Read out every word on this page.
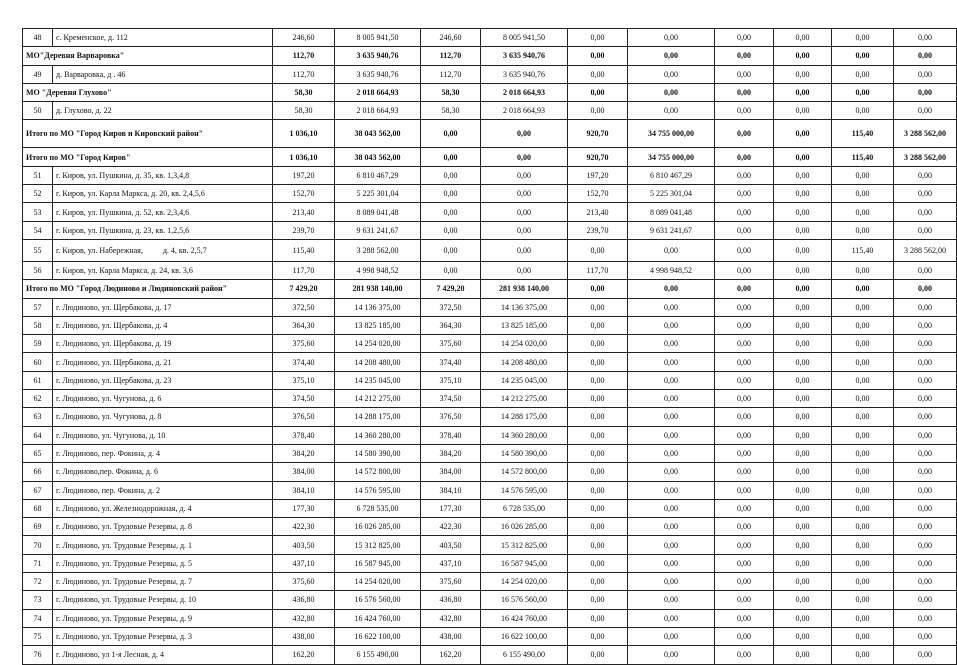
48	с. Кременское, д. 112	246,60	8 005 941,50	246,60	8 005 941,50	0,00	0,00	0,00	0,00	0,00	0,00
МО"Деревня Варваровка"		112,70	3 635 940,76	112,70	3 635 940,76	0,00	0,00	0,00	0,00	0,00	0,00
49	д. Варваровка, д . 46	112,70	3 635 940,76	112,70	3 635 940,76	0,00	0,00	0,00	0,00	0,00	0,00
МО "Деревня Глухово"		58,30	2 018 664,93	58,30	2 018 664,93	0,00	0,00	0,00	0,00	0,00	0,00
50	д. Глухово, д. 22	58,30	2 018 664,93	58,30	2 018 664,93	0,00	0,00	0,00	0,00	0,00	0,00
Итого по МО "Город Киров и Кировский район"		1 036,10	38 043 562,00	0,00	0,00	920,70	34 755 000,00	0,00	0,00	115,40	3 288 562,00
Итого по МО "Город Киров"		1 036,10	38 043 562,00	0,00	0,00	920,70	34 755 000,00	0,00	0,00	115,40	3 288 562,00
51	г. Киров, ул. Пушкина, д. 35, кв. 1,3,4,8	197,20	6 810 467,29	0,00	0,00	197,20	6 810 467,29	0,00	0,00	0,00	0,00
52	г. Киров, ул. Карла Маркса, д. 20, кв. 2,4,5,6	152,70	5 225 301,04	0,00	0,00	152,70	5 225 301,04	0,00	0,00	0,00	0,00
53	г. Киров, ул. Пушкина, д. 52, кв. 2,3,4,6	213,40	8 089 041,48	0,00	0,00	213,40	8 089 041,48	0,00	0,00	0,00	0,00
54	г. Киров, ул. Пушкина, д. 23, кв. 1,2,5,6	239,70	9 631 241,67	0,00	0,00	239,70	9 631 241,67	0,00	0,00	0,00	0,00
55	г. Киров, ул. Набережная,          д. 4, кв. 2,5,7	115,40	3 288 562,00	0,00	0,00	0,00	0,00	0,00	0,00	115,40	3 288 562,00
56	г. Киров, ул. Карла Маркса, д. 24, кв. 3,6	117,70	4 998 948,52	0,00	0,00	117,70	4 998 948,52	0,00	0,00	0,00	0,00
Итого по МО "Город Людиново и Людиновский район"		7 429,20	281 938 140,00	7 429,20	281 938 140,00	0,00	0,00	0,00	0,00	0,00	0,00
57	г. Людиново, ул. Щербакова, д. 17	372,50	14 136 375,00	372,50	14 136 375,00	0,00	0,00	0,00	0,00	0,00	0,00
58	г. Людиново, ул. Щербакова, д. 4	364,30	13 825 185,00	364,30	13 825 185,00	0,00	0,00	0,00	0,00	0,00	0,00
59	г. Людиново, ул. Щербакова, д. 19	375,60	14 254 020,00	375,60	14 254 020,00	0,00	0,00	0,00	0,00	0,00	0,00
60	г. Людиново, ул. Щербакова, д. 21	374,40	14 208 480,00	374,40	14 208 480,00	0,00	0,00	0,00	0,00	0,00	0,00
61	г. Людиново, ул. Щербакова, д. 23	375,10	14 235 045,00	375,10	14 235 045,00	0,00	0,00	0,00	0,00	0,00	0,00
62	г. Людиново, ул. Чугунова, д. 6	374,50	14 212 275,00	374,50	14 212 275,00	0,00	0,00	0,00	0,00	0,00	0,00
63	г. Людиново, ул. Чугунова, д. 8	376,50	14 288 175,00	376,50	14 288 175,00	0,00	0,00	0,00	0,00	0,00	0,00
64	г. Людиново, ул. Чугунова, д. 10	378,40	14 360 280,00	378,40	14 360 280,00	0,00	0,00	0,00	0,00	0,00	0,00
65	г. Людиново, пер. Фокина, д. 4	384,20	14 580 390,00	384,20	14 580 390,00	0,00	0,00	0,00	0,00	0,00	0,00
66	г. Людиново,пер. Фокина, д. 6	384,00	14 572 800,00	384,00	14 572 800,00	0,00	0,00	0,00	0,00	0,00	0,00
67	г. Людиново, пер. Фокина, д. 2	384,10	14 576 595,00	384,10	14 576 595,00	0,00	0,00	0,00	0,00	0,00	0,00
68	г. Людиново, ул. Железнодорожная, д. 4	177,30	6 728 535,00	177,30	6 728 535,00	0,00	0,00	0,00	0,00	0,00	0,00
69	г. Людиново, ул. Трудовые Резервы, д. 8	422,30	16 026 285,00	422,30	16 026 285,00	0,00	0,00	0,00	0,00	0,00	0,00
70	г. Людиново, ул. Трудовые Резервы, д. 1	403,50	15 312 825,00	403,50	15 312 825,00	0,00	0,00	0,00	0,00	0,00	0,00
71	г. Людиново, ул. Трудовые Резервы, д. 5	437,10	16 587 945,00	437,10	16 587 945,00	0,00	0,00	0,00	0,00	0,00	0,00
72	г. Людиново, ул. Трудовые Резервы, д. 7	375,60	14 254 020,00	375,60	14 254 020,00	0,00	0,00	0,00	0,00	0,00	0,00
73	г. Людиново, ул. Трудовые Резервы, д. 10	436,80	16 576 560,00	436,80	16 576 560,00	0,00	0,00	0,00	0,00	0,00	0,00
74	г. Людиново, ул. Трудовые Резервы, д. 9	432,80	16 424 760,00	432,80	16 424 760,00	0,00	0,00	0,00	0,00	0,00	0,00
75	г. Людиново, ул. Трудовые Резервы, д. 3	438,00	16 622 100,00	438,00	16 622 100,00	0,00	0,00	0,00	0,00	0,00	0,00
76	г. Людиново, ул 1-я Лесная, д. 4	162,20	6 155 490,00	162,20	6 155 490,00	0,00	0,00	0,00	0,00	0,00	0,00
